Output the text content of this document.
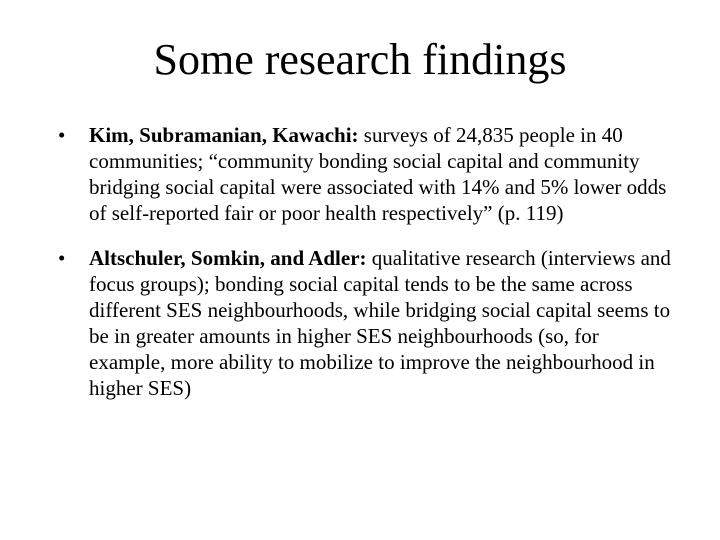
Some research findings
• Kim, Subramanian, Kawachi: surveys of 24,835 people in 40 communities; “community bonding social capital and community bridging social capital were associated with 14% and 5% lower odds of self-reported fair or poor health respectively” (p. 119)
• Altschuler, Somkin, and Adler: qualitative research (interviews and focus groups); bonding social capital tends to be the same across different SES neighbourhoods, while bridging social capital seems to be in greater amounts in higher SES neighbourhoods (so, for example, more ability to mobilize to improve the neighbourhood in higher SES)
